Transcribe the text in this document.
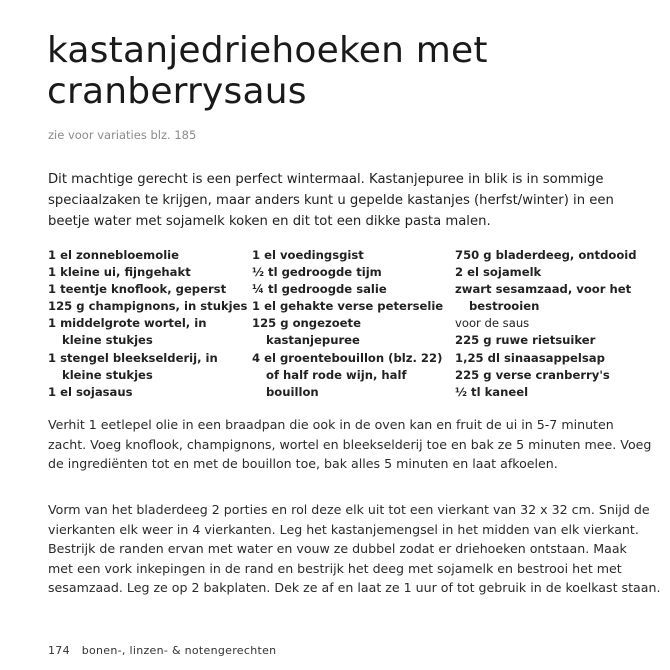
kastanjedriehoeken met
cranberrysaus
zie voor variaties blz. 185

Dit machtige gerecht is een perfect wintermaal. Kastanjepuree in blik is in sommige
speciaalzaken te krijgen, maar anders kunt u gepelde kastanjes (herfst/winter) in een
beetje water met sojamelk koken en dit tot een dikke pasta malen.

1 el zonnebloemolie
1 kleine ui, fijngehakt
1 teentje knoflook, geperst
125 g champignons, in stukjes
1 middelgrote wortel, in
kleine stukjes
1 stengel bleekselderij, in
kleine stukjes
1 el sojasaus
1 el voedingsgist
½ tl gedroogde tijm
¼ tl gedroogde salie
1 el gehakte verse peterselie
125 g ongezoete
kastanjepuree
4 el groentebouillon (blz. 22)
of half rode wijn, half
bouillon
750 g bladerdeeg, ontdooid
2 el sojamelk
zwart sesamzaad, voor het
bestrooien
voor de saus
225 g ruwe rietsuiker
1,25 dl sinaasappelsap
225 g verse cranberry's
½ tl kaneel

Verhit 1 eetlepel olie in een braadpan die ook in de oven kan en fruit de ui in 5-7 minuten
zacht. Voeg knoflook, champignons, wortel en bleekselderij toe en bak ze 5 minuten mee. Voeg
de ingrediënten tot en met de bouillon toe, bak alles 5 minuten en laat afkoelen.

Vorm van het bladerdeeg 2 porties en rol deze elk uit tot een vierkant van 32 x 32 cm. Snijd de
vierkanten elk weer in 4 vierkanten. Leg het kastanjemengsel in het midden van elk vierkant.
Bestrijk de randen ervan met water en vouw ze dubbel zodat er driehoeken ontstaan. Maak
met een vork inkepingen in de rand en bestrijk het deeg met sojamelk en bestrooi het met
sesamzaad. Leg ze op 2 bakplaten. Dek ze af en laat ze 1 uur of tot gebruik in de koelkast staan.

174 bonen-, linzen- & notengerechten
